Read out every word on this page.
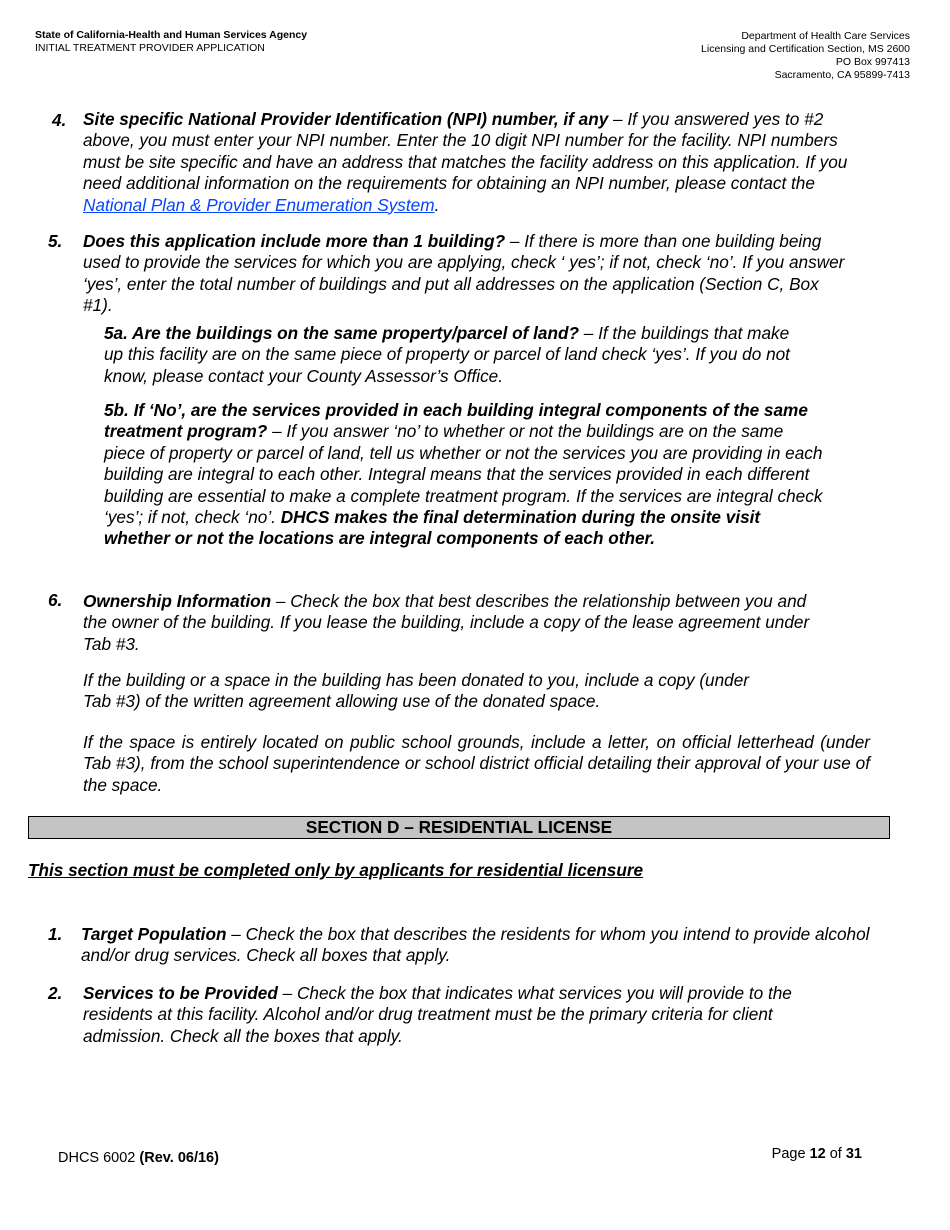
State of California-Health and Human Services Agency
INITIAL TREATMENT PROVIDER APPLICATION
Department of Health Care Services
Licensing and Certification Section, MS 2600
PO Box 997413
Sacramento, CA 95899-7413
4. Site specific National Provider Identification (NPI) number, if any – If you answered yes to #2 above, you must enter your NPI number. Enter the 10 digit NPI number for the facility. NPI numbers must be site specific and have an address that matches the facility address on this application. If you need additional information on the requirements for obtaining an NPI number, please contact the National Plan & Provider Enumeration System.
5. Does this application include more than 1 building? – If there is more than one building being used to provide the services for which you are applying, check ‘ yes’; if not, check ‘no’. If you answer ‘yes’, enter the total number of buildings and put all addresses on the application (Section C, Box #1).
5a. Are the buildings on the same property/parcel of land? – If the buildings that make up this facility are on the same piece of property or parcel of land check ‘yes’. If you do not know, please contact your County Assessor’s Office.
5b. If ‘No’, are the services provided in each building integral components of the same treatment program? – If you answer ‘no’ to whether or not the buildings are on the same piece of property or parcel of land, tell us whether or not the services you are providing in each building are integral to each other. Integral means that the services provided in each different building are essential to make a complete treatment program. If the services are integral check ‘yes’; if not, check ‘no’. DHCS makes the final determination during the onsite visit whether or not the locations are integral components of each other.
6. Ownership Information – Check the box that best describes the relationship between you and the owner of the building. If you lease the building, include a copy of the lease agreement under Tab #3.
If the building or a space in the building has been donated to you, include a copy (under Tab #3) of the written agreement allowing use of the donated space.
If the space is entirely located on public school grounds, include a letter, on official letterhead (under Tab #3), from the school superintendence or school district official detailing their approval of your use of the space.
SECTION D – RESIDENTIAL LICENSE
This section must be completed only by applicants for residential licensure
1. Target Population – Check the box that describes the residents for whom you intend to provide alcohol and/or drug services. Check all boxes that apply.
2. Services to be Provided – Check the box that indicates what services you will provide to the residents at this facility. Alcohol and/or drug treatment must be the primary criteria for client admission. Check all the boxes that apply.
DHCS 6002 (Rev. 06/16)	Page 12 of 31
